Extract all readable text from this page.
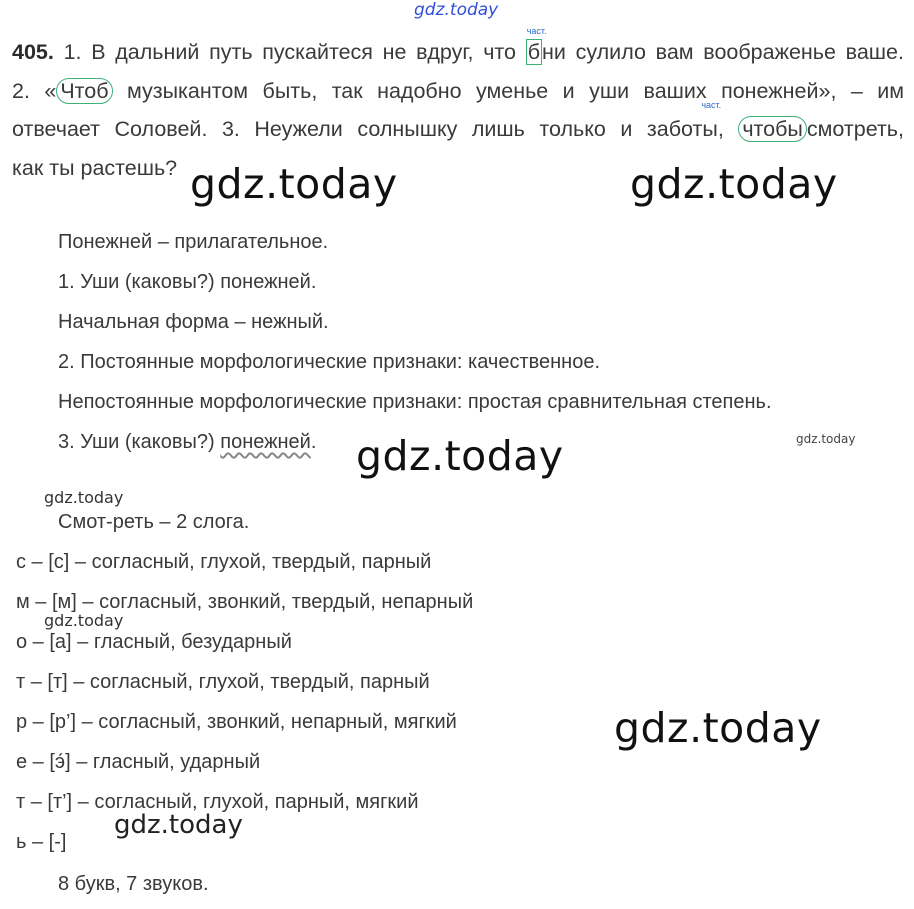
gdz.today
405. 1. В дальний путь пускайтеся не вдруг, что
част.
бни сулило вам воображенье ваше.
2. « Чтоб музыкантом быть, так надобно уменье и уши ваших понежней», – им
отвечает Соловей. 3. Неужели солнышку лишь только и заботы,
част.
чтобы смотреть,
как ты растешь? gdz.today	gdz.today
Понежней – прилагательное.
1. Уши (каковы?) понежней.
Начальная форма – нежный.
2. Постоянные морфологические признаки: качественное.
Непостоянные морфологические признаки: простая сравнительная степень.
3. Уши (каковы?) понежней. gdz.today	gdz.today
gdz.today
Смот-реть – 2 слога.
с – [с] – согласный, глухой, твердый, парный
м – [м] – согласный, звонкий, твердый, непарный
gdz.today
о – [а] – гласный, безударный
т – [т] – согласный, глухой, твердый, парный
р – [р’] – согласный, звонкий, непарный, мягкий	gdz.today
е – [э́] – гласный, ударный
т – [т’] – согласный, глухой, парный, мягкий
gdz.today
ь – [-]
8 букв, 7 звуков.
